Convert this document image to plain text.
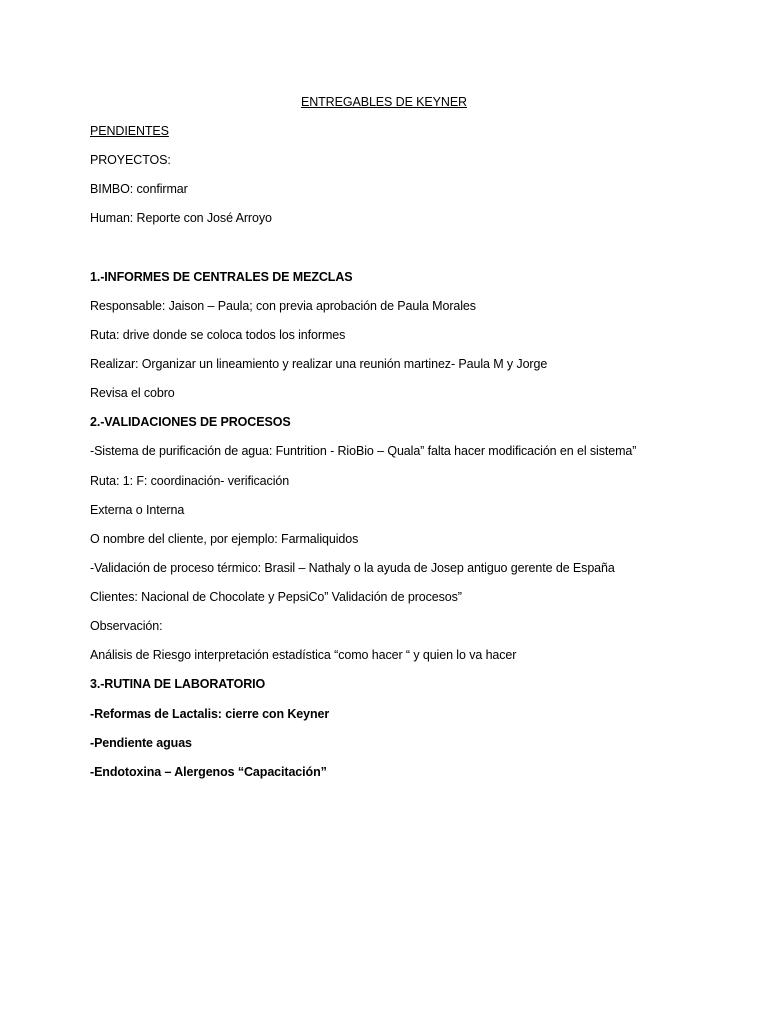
ENTREGABLES DE KEYNER
PENDIENTES
PROYECTOS:
BIMBO: confirmar
Human: Reporte con José Arroyo
1.-INFORMES DE CENTRALES DE MEZCLAS
Responsable: Jaison – Paula; con previa aprobación de Paula Morales
Ruta: drive donde se coloca todos los informes
Realizar: Organizar un lineamiento y realizar una reunión martinez- Paula M y Jorge
Revisa el cobro
2.-VALIDACIONES DE PROCESOS
-Sistema de purificación de agua: Funtrition - RioBio – Quala” falta hacer modificación en el sistema”
Ruta: 1: F: coordinación- verificación
Externa o Interna
O nombre del cliente, por ejemplo: Farmaliquidos
-Validación de proceso térmico: Brasil – Nathaly o la ayuda de Josep antiguo gerente de España
Clientes: Nacional de Chocolate y PepsiCo” Validación de procesos”
Observación:
Análisis de Riesgo interpretación estadística “como hacer “ y quien lo va hacer
3.-RUTINA DE LABORATORIO
-Reformas de Lactalis: cierre con Keyner
-Pendiente aguas
-Endotoxina – Alergenos “Capacitación”
